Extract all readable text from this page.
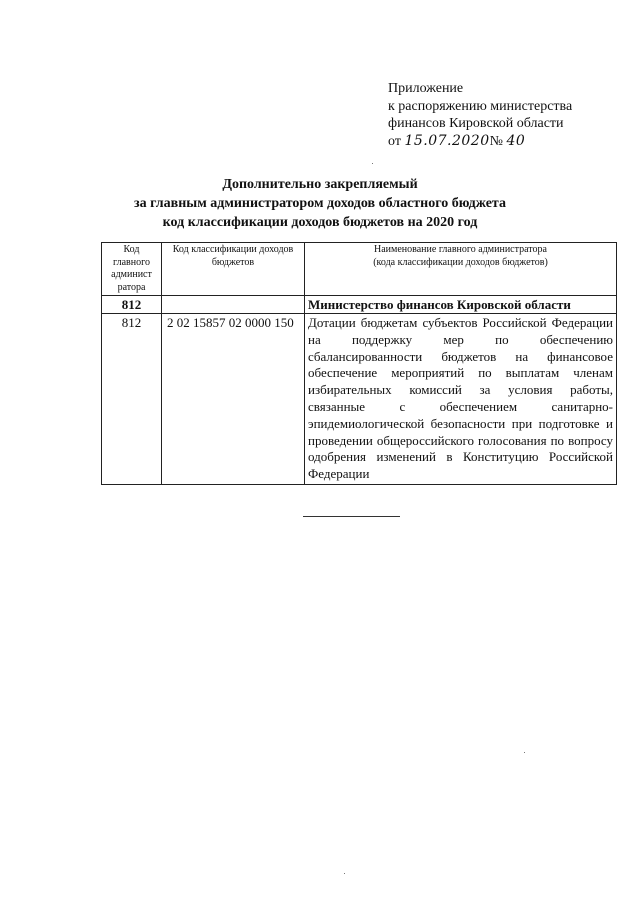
Приложение
к распоряжению министерства
финансов Кировской области
от 15.07.2020№ 40
Дополнительно закрепляемый
за главным администратором доходов областного бюджета
код классификации доходов бюджетов на 2020 год
Код главного админист ратора	Код классификации доходов бюджетов	Наименование главного администратора
(кода классификации доходов бюджетов)
812		Министерство финансов Кировской области
812	2 02 15857 02 0000 150	Дотации бюджетам субъектов Российской Федерации на поддержку мер по обеспечению сбалансированности бюджетов на финансовое обеспечение мероприятий по выплатам членам избирательных комиссий за условия работы, связанные с обеспечением санитарно-эпидемиологической безопасности при подготовке и проведении общероссийского голосования по вопросу одобрения изменений в Конституцию Российской Федерации
